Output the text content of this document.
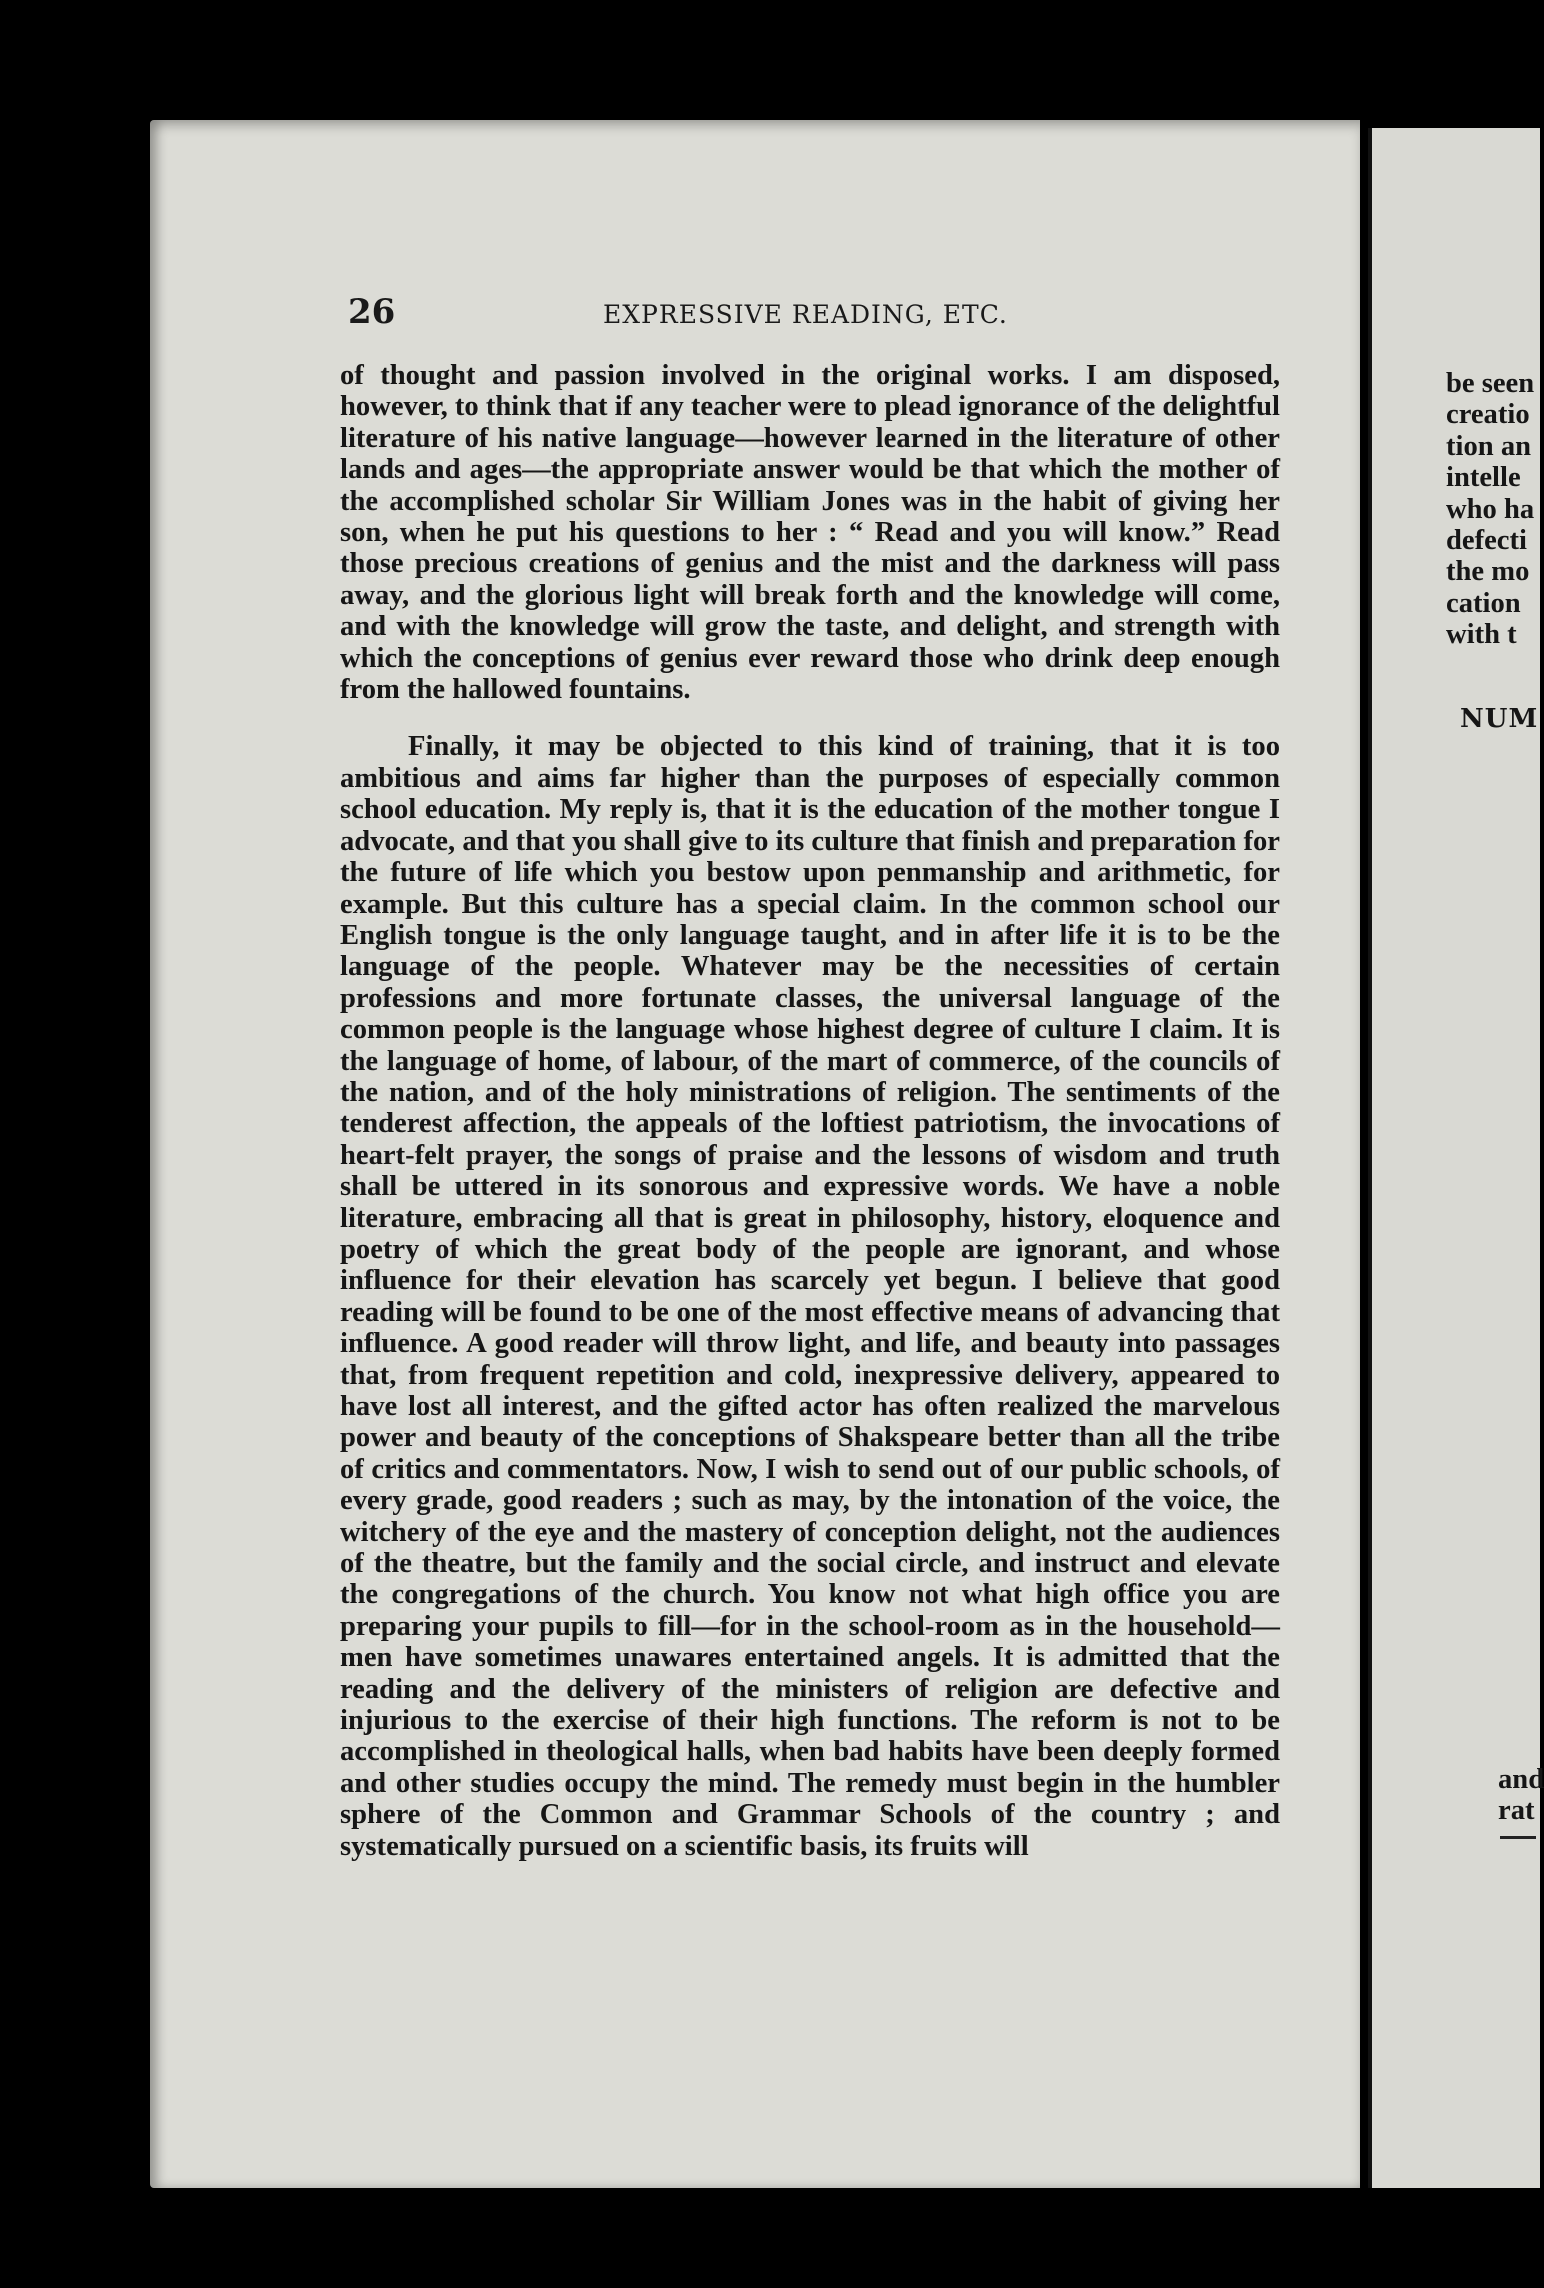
26	EXPRESSIVE READING, ETC.

of thought and passion involved in the original works. I am disposed, however, to think that if any teacher were to plead ignorance of the delightful literature of his native language—however learned in the literature of other lands and ages—the appropriate answer would be that which the mother of the accomplished scholar Sir William Jones was in the habit of giving her son, when he put his questions to her : “ Read and you will know.” Read those precious creations of genius and the mist and the darkness will pass away, and the glorious light will break forth and the knowledge will come, and with the knowledge will grow the taste, and delight, and strength with which the conceptions of genius ever reward those who drink deep enough from the hallowed fountains.

Finally, it may be objected to this kind of training, that it is too ambitious and aims far higher than the purposes of especially common school education. My reply is, that it is the education of the mother tongue I advocate, and that you shall give to its culture that finish and preparation for the future of life which you bestow upon penmanship and arithmetic, for example. But this culture has a special claim. In the common school our English tongue is the only language taught, and in after life it is to be the language of the people. Whatever may be the necessities of certain professions and more fortunate classes, the universal language of the common people is the language whose highest degree of culture I claim. It is the language of home, of labour, of the mart of commerce, of the councils of the nation, and of the holy ministrations of religion. The sentiments of the tenderest affection, the appeals of the loftiest patriotism, the invocations of heart-felt prayer, the songs of praise and the lessons of wisdom and truth shall be uttered in its sonorous and expressive words. We have a noble literature, embracing all that is great in philosophy, history, eloquence and poetry of which the great body of the people are ignorant, and whose influence for their elevation has scarcely yet begun. I believe that good reading will be found to be one of the most effective means of advancing that influence. A good reader will throw light, and life, and beauty into passages that, from frequent repetition and cold, inexpressive delivery, appeared to have lost all interest, and the gifted actor has often realized the marvelous power and beauty of the conceptions of Shakspeare better than all the tribe of critics and commentators. Now, I wish to send out of our public schools, of every grade, good readers ; such as may, by the intonation of the voice, the witchery of the eye and the mastery of conception delight, not the audiences of the theatre, but the family and the social circle, and instruct and elevate the congregations of the church. You know not what high office you are preparing your pupils to fill—for in the school-room as in the household—men have sometimes unawares entertained angels. It is admitted that the reading and the delivery of the ministers of religion are defective and injurious to the exercise of their high functions. The reform is not to be accomplished in theological halls, when bad habits have been deeply formed and other studies occupy the mind. The remedy must begin in the humbler sphere of the Common and Grammar Schools of the country ; and systematically pursued on a scientific basis, its fruits will

be seen
creatio
tion an
intelle
who ha
defecti
the mo
cation
with t
NUM
and
rat
